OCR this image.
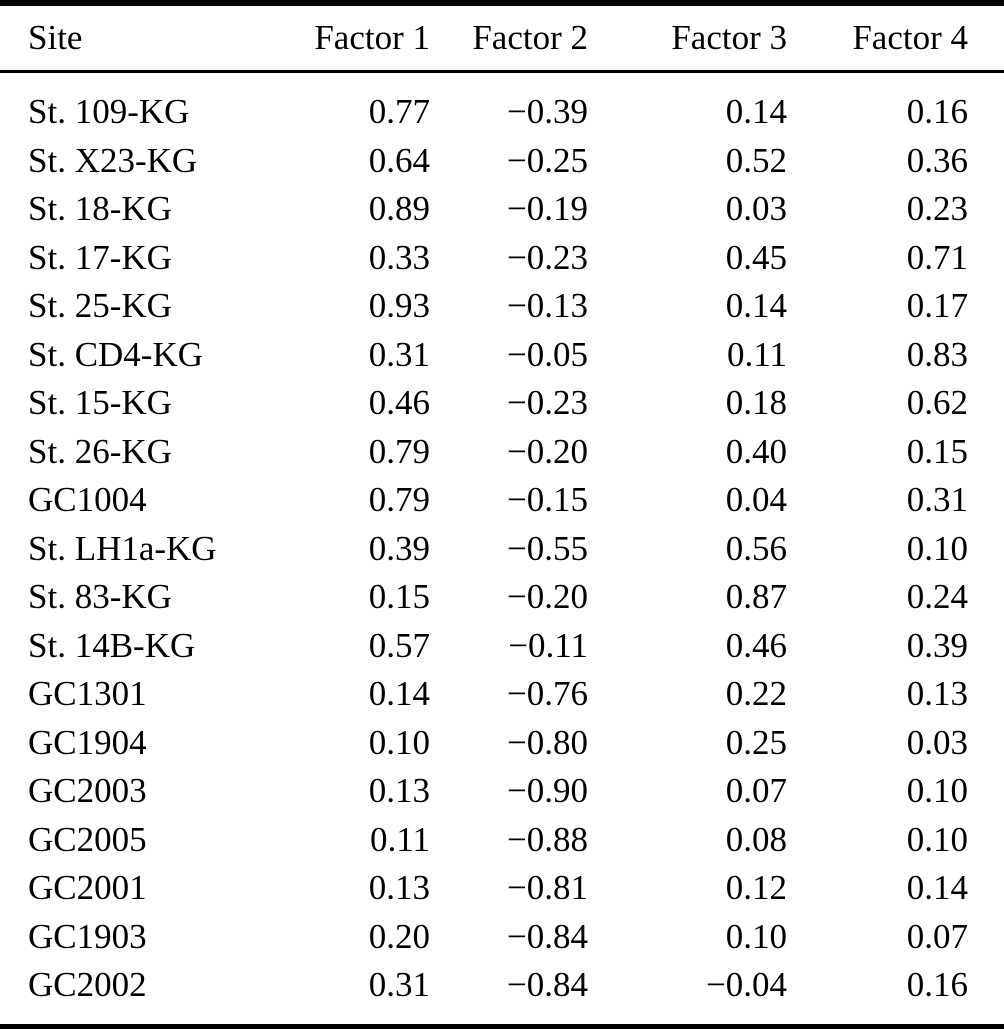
Site	Factor 1	Factor 2	Factor 3	Factor 4
St. 109-KG	0.77	−0.39	0.14	0.16
St. X23-KG	0.64	−0.25	0.52	0.36
St. 18-KG	0.89	−0.19	0.03	0.23
St. 17-KG	0.33	−0.23	0.45	0.71
St. 25-KG	0.93	−0.13	0.14	0.17
St. CD4-KG	0.31	−0.05	0.11	0.83
St. 15-KG	0.46	−0.23	0.18	0.62
St. 26-KG	0.79	−0.20	0.40	0.15
GC1004	0.79	−0.15	0.04	0.31
St. LH1a-KG	0.39	−0.55	0.56	0.10
St. 83-KG	0.15	−0.20	0.87	0.24
St. 14B-KG	0.57	−0.11	0.46	0.39
GC1301	0.14	−0.76	0.22	0.13
GC1904	0.10	−0.80	0.25	0.03
GC2003	0.13	−0.90	0.07	0.10
GC2005	0.11	−0.88	0.08	0.10
GC2001	0.13	−0.81	0.12	0.14
GC1903	0.20	−0.84	0.10	0.07
GC2002	0.31	−0.84	−0.04	0.16
